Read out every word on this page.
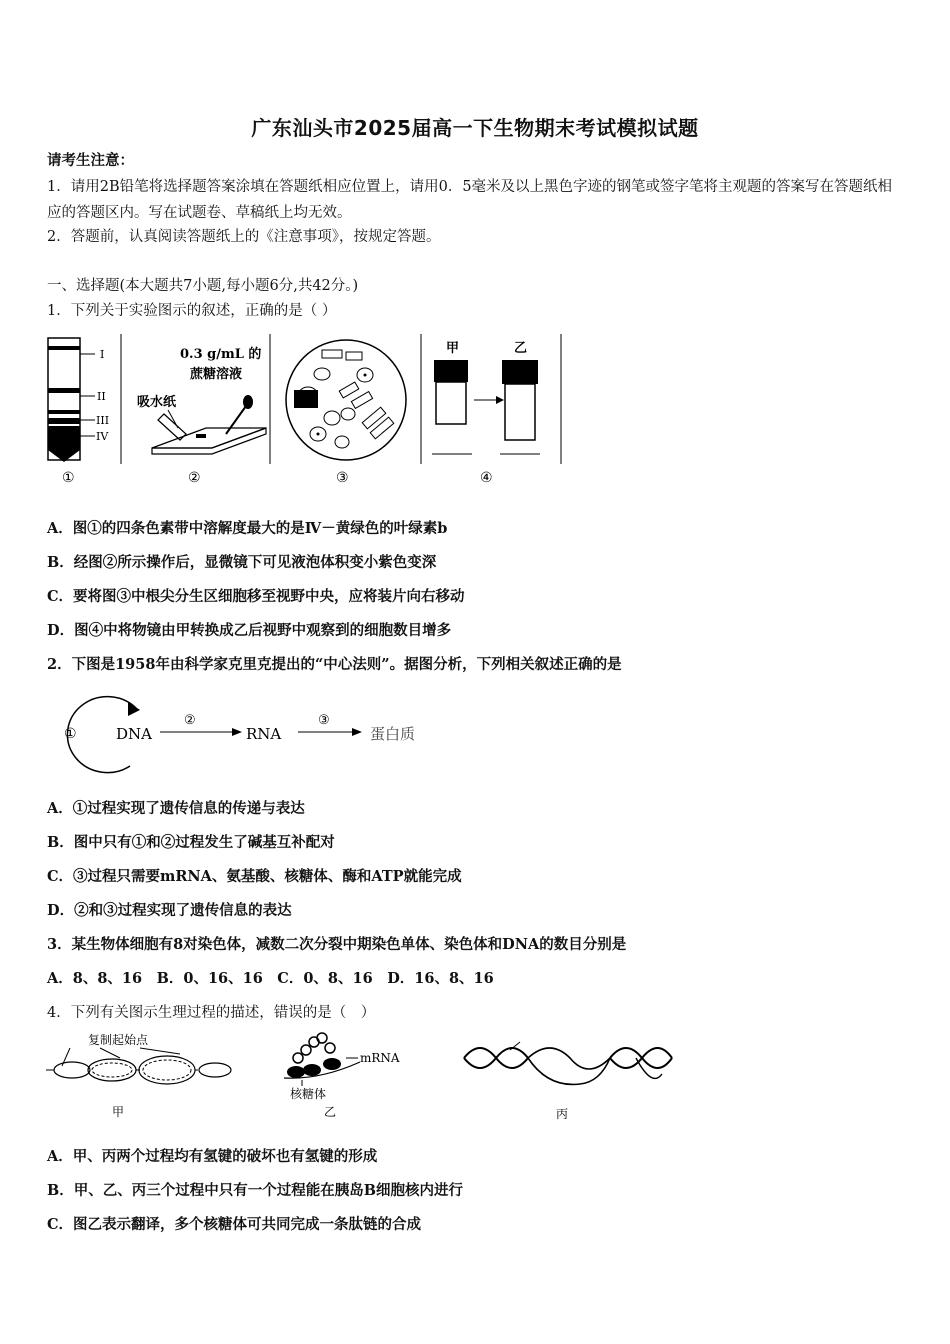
广东汕头市2025届高一下生物期末考试模拟试题
请考生注意：
1．请用2B铅笔将选择题答案涂填在答题纸相应位置上，请用0．5毫米及以上黑色字迹的钢笔或签字笔将主观题的答案写在答题纸相应的答题区内。写在试题卷、草稿纸上均无效。
2．答题前，认真阅读答题纸上的《注意事项》，按规定答题。
一、选择题(本大题共7小题,每小题6分,共42分。)
1．下列关于实验图示的叙述，正确的是（ ）
I
II
III
IV
①
0.3 g/mL 的
蔗糖溶液
吸水纸
②	③
甲	乙
④
A．图①的四条色素带中溶解度最大的是Ⅳ－黄绿色的叶绿素b
B．经图②所示操作后，显微镜下可见液泡体积变小紫色变深
C．要将图③中根尖分生区细胞移至视野中央，应将装片向右移动
D．图④中将物镜由甲转换成乙后视野中观察到的细胞数目增多
2．下图是1958年由科学家克里克提出的“中心法则”。据图分析，下列相关叙述正确的是
①	DNA
②
RNA
③
蛋白质
A．①过程实现了遗传信息的传递与表达
B．图中只有①和②过程发生了碱基互补配对
C．③过程只需要mRNA、氨基酸、核糖体、酶和ATP就能完成
D．②和③过程实现了遗传信息的表达
3．某生物体细胞有8对染色体，减数二次分裂中期染色单体、染色体和DNA的数目分别是
A．8、8、16　B．0、16、16　C．0、8、16　D．16、8、16
4．下列有关图示生理过程的描述，错误的是（　）
复制起始点
甲
mRNA
核糖体
乙	丙
A．甲、丙两个过程均有氢键的破坏也有氢键的形成
B．甲、乙、丙三个过程中只有一个过程能在胰岛B细胞核内进行
C．图乙表示翻译，多个核糖体可共同完成一条肽链的合成
